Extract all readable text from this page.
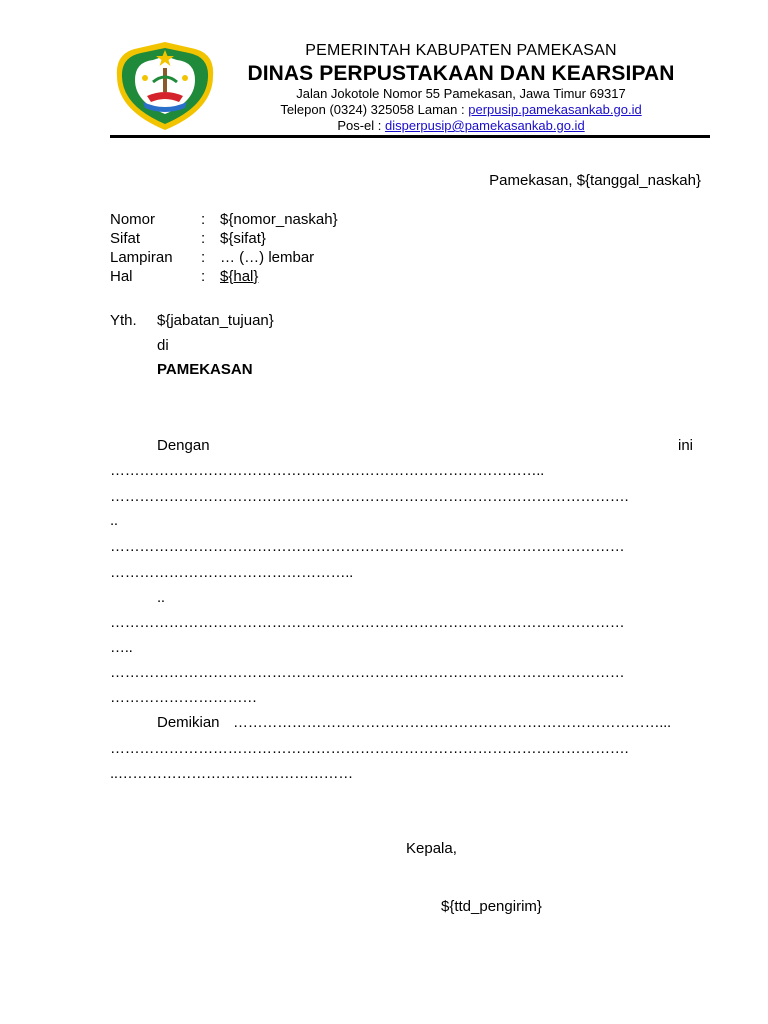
PEMERINTAH KABUPATEN PAMEKASAN
DINAS PERPUSTAKAAN DAN KEARSIPAN
Jalan Jokotole Nomor 55 Pamekasan, Jawa Timur 69317
Telepon (0324) 325058 Laman : perpusip.pamekasankab.go.id
Pos-el : disperpusip@pamekasankab.go.id
Pamekasan, ${tanggal_naskah}
Nomor	: ${nomor_naskah}
Sifat	: ${sifat}
Lampiran : … (…) lembar
Hal	: ${hal}
Yth. ${jabatan_tujuan}
di
PAMEKASAN
Dengan	ini
……………………………………………………………………………..
…………………………………………………………………………………………….
..
……………………………………………………………………………………………
…………………………………………..
..
……………………………………………………………………………………………
…..
……………………………………………………………………………………………
…………………………
Demikian ……………………………………………………………………………...
…………………………………………………………………………………………….
..…………………………………………
Kepala,
${ttd_pengirim}
